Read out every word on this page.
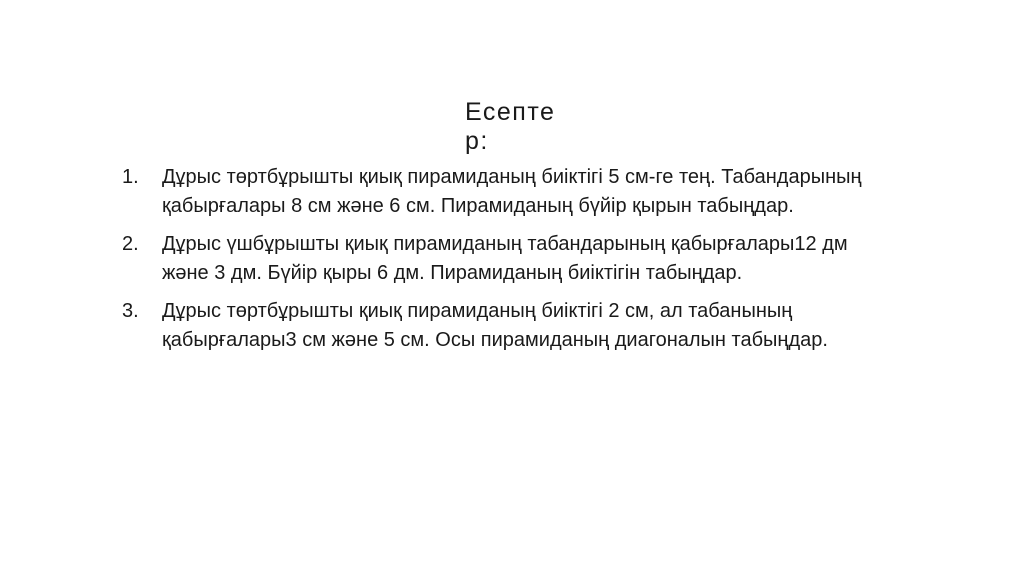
Есептер:
1.	Дұрыс төртбұрышты қиық пирамиданың биіктігі 5 см-ге тең. Табандарының қабырғалары 8 см және 6 см. Пирамиданың бүйір қырын табыңдар.
2.	Дұрыс үшбұрышты қиық пирамиданың табандарының қабырғалары12 дм және 3 дм. Бүйір қыры 6 дм. Пирамиданың биіктігін табыңдар.
3.	Дұрыс төртбұрышты қиық пирамиданың биіктігі 2 см, ал табанының қабырғалары3 см және 5 см. Осы пирамиданың диагоналын табыңдар.
